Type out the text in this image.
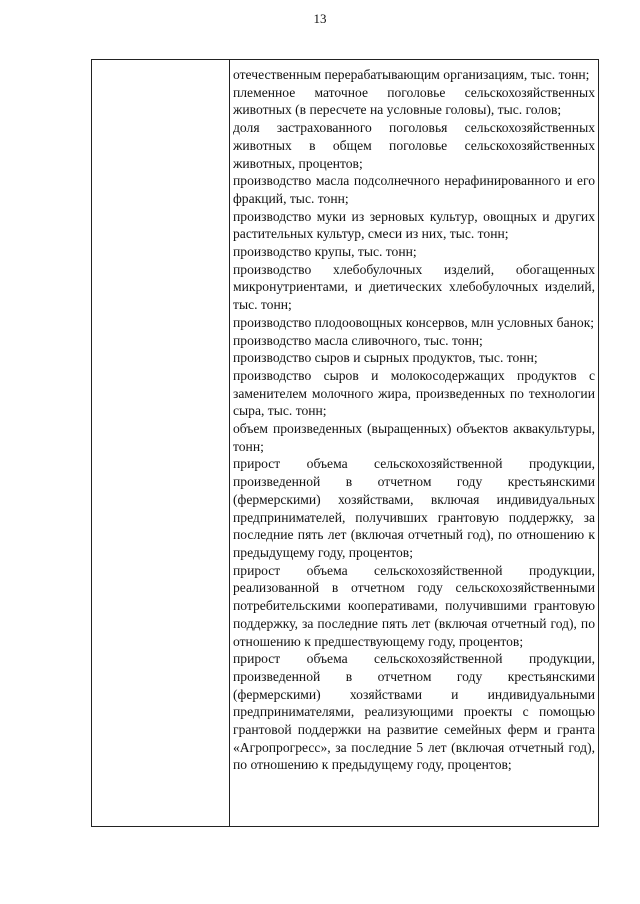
13

отечественным перерабатывающим организациям, тыс. тонн;

племенное маточное поголовье сельскохозяйственных животных (в пересчете на условные головы), тыс. голов;

доля застрахованного поголовья сельскохозяйственных животных в общем поголовье сельскохозяйственных животных, процентов;

производство масла подсолнечного нерафинированного и его фракций, тыс. тонн;

производство муки из зерновых культур, овощных и других растительных культур, смеси из них, тыс. тонн;

производство крупы, тыс. тонн;

производство хлебобулочных изделий, обогащенных микронутриентами, и диетических хлебобулочных изделий, тыс. тонн;

производство плодоовощных консервов, млн условных банок;

производство масла сливочного, тыс. тонн;

производство сыров и сырных продуктов, тыс. тонн;

производство сыров и молокосодержащих продуктов с заменителем молочного жира, произведенных по технологии сыра, тыс. тонн;

объем произведенных (выращенных) объектов аквакультуры, тонн;

прирост объема сельскохозяйственной продукции, произведенной в отчетном году крестьянскими (фермерскими) хозяйствами, включая индивидуальных предпринимателей, получивших грантовую поддержку, за последние пять лет (включая отчетный год), по отношению к предыдущему году, процентов;

прирост объема сельскохозяйственной продукции, реализованной в отчетном году сельскохозяйственными потребительскими кооперативами, получившими грантовую поддержку, за последние пять лет (включая отчетный год), по отношению к предшествующему году, процентов;

прирост объема сельскохозяйственной продукции, произведенной в отчетном году крестьянскими (фермерскими) хозяйствами и индивидуальными предпринимателями, реализующими проекты с помощью грантовой поддержки на развитие семейных ферм и гранта «Агропрогресс», за последние 5 лет (включая отчетный год), по отношению к предыдущему году, процентов;
